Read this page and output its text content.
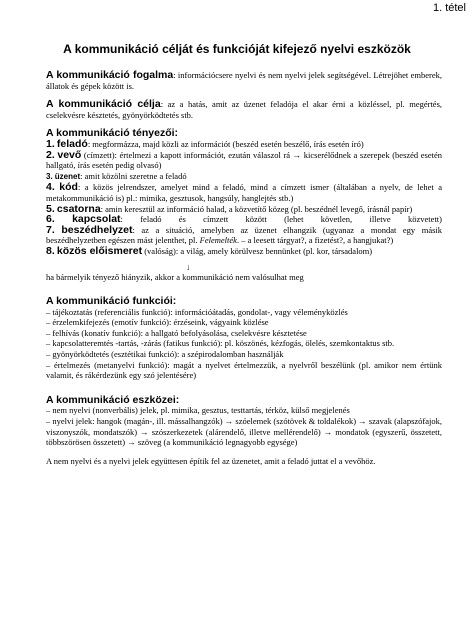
1. tétel
A kommunikáció célját és funkcióját kifejező nyelvi eszközök
A kommunikáció fogalma: információcsere nyelvi és nem nyelvi jelek segítségével. Létrejöhet emberek, állatok és gépek között is.
A kommunikáció célja: az a hatás, amit az üzenet feladója el akar érni a közléssel, pl. megértés, cselekvésre késztetés, gyönyörködtetés stb.
A kommunikáció tényezői:
1. feladó: megformázza, majd közli az információt (beszéd esetén beszélő, írás esetén író)
2. vevő (címzett): értelmezi a kapott információt, ezután válaszol rá → kicserélődnek a szerepek (beszéd esetén hallgató, írás esetén pedig olvasó)
3. üzenet: amit közölni szeretne a feladó
4. kód: a közös jelrendszer, amelyet mind a feladó, mind a címzett ismer (általában a nyelv, de lehet a metakommunikáció is) pl.: mimika, gesztusok, hangsúly, hanglejtés stb.)
5. csatorna: amin keresztül az információ halad, a közvetítő közeg (pl. beszédnél levegő, írásnál papír)
6. kapcsolat: feladó és címzett között (lehet követlen, illetve közvetett)
7. beszédhelyzet: az a situáció, amelyben az üzenet elhangzik (ugyanaz a mondat egy másik beszédhelyzetben egészen mást jelenthet, pl. Felemelték. – a leesett tárgyat?, a fizetést?, a hangjukat?)
8. közös előismeret (valóság): a világ, amely körülvesz bennünket (pl. kor, társadalom)
↓
ha bármelyik tényező hiányzik, akkor a kommunikáció nem valósulhat meg
A kommunikáció funkciói:
– tájékoztatás (referenciális funkció): információátadás, gondolat-, vagy véleményközlés
– érzelemkifejezés (emotív funkció): érzéseink, vágyaink közlése
– felhívás (konatív funkció): a hallgató befolyásolása, cselekvésre késztetése
– kapcsolatteremtés -tartás, -zárás (fatikus funkció): pl. köszönés, kézfogás, ölelés, szemkontaktus stb.
– gyönyörködtetés (esztétikai funkció): a szépirodalomban használják
– értelmezés (metanyelvi funkció): magát a nyelvet értelmezzük, a nyelvről beszélünk (pl. amikor nem értünk valamit, és rákérdezünk egy szó jelentésére)
A kommunikáció eszközei:
– nem nyelvi (nonverbális) jelek, pl. mimika, gesztus, testtartás, térköz, külső megjelenés
– nyelvi jelek: hangok (magán-, ill. mássalhangzók) → szóelemek (szótövek & toldalékok) → szavak (alapszófajok, viszonyszók, mondatszók) → szószerkezetek (alárendelő, illetve mellérendelő) → mondatok (egyszerű, összetett, többszörösen összetett) → szöveg (a kommunikáció legnagyobb egysége)
A nem nyelvi és a nyelvi jelek együttesen építik fel az üzenetet, amit a feladó juttat el a vevőhöz.
